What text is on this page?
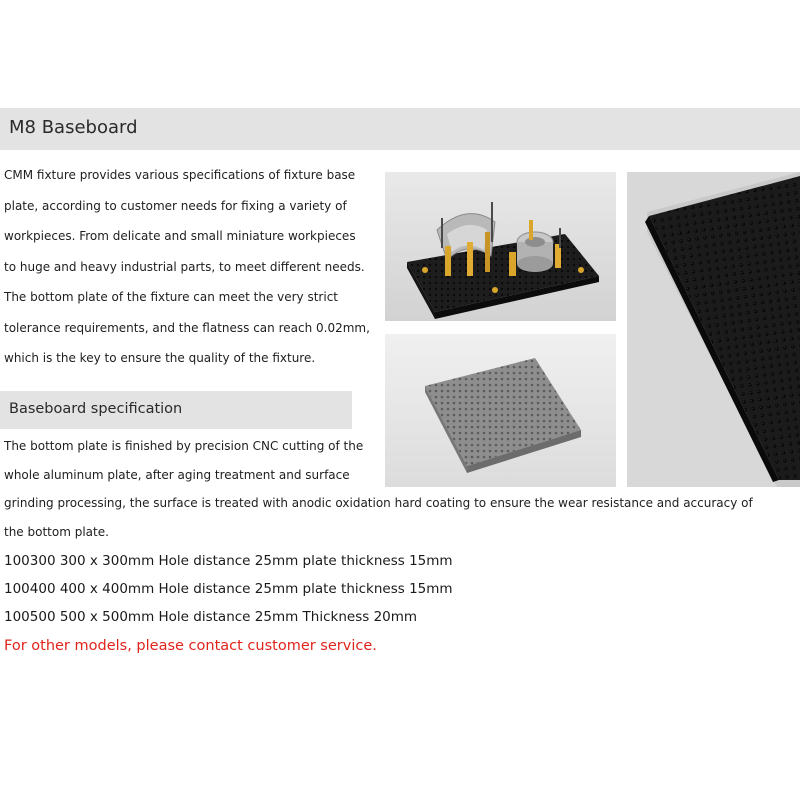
M8 Baseboard
CMM fixture provides various specifications of fixture base
plate, according to customer needs for fixing a variety of
workpieces. From delicate and small miniature workpieces
to huge and heavy industrial parts, to meet different needs.
The bottom plate of the fixture can meet the very strict
tolerance requirements, and the flatness can reach 0.02mm,
which is the key to ensure the quality of the fixture.
Baseboard specification
The bottom plate is finished by precision CNC cutting of the
whole aluminum plate, after aging treatment and surface
grinding processing, the surface is treated with anodic oxidation hard coating to ensure the wear resistance and accuracy of
the bottom plate.
100300 300 x 300mm Hole distance 25mm plate thickness 15mm
100400 400 x 400mm Hole distance 25mm plate thickness 15mm
100500 500 x 500mm Hole distance 25mm Thickness 20mm
For other models, please contact customer service.
